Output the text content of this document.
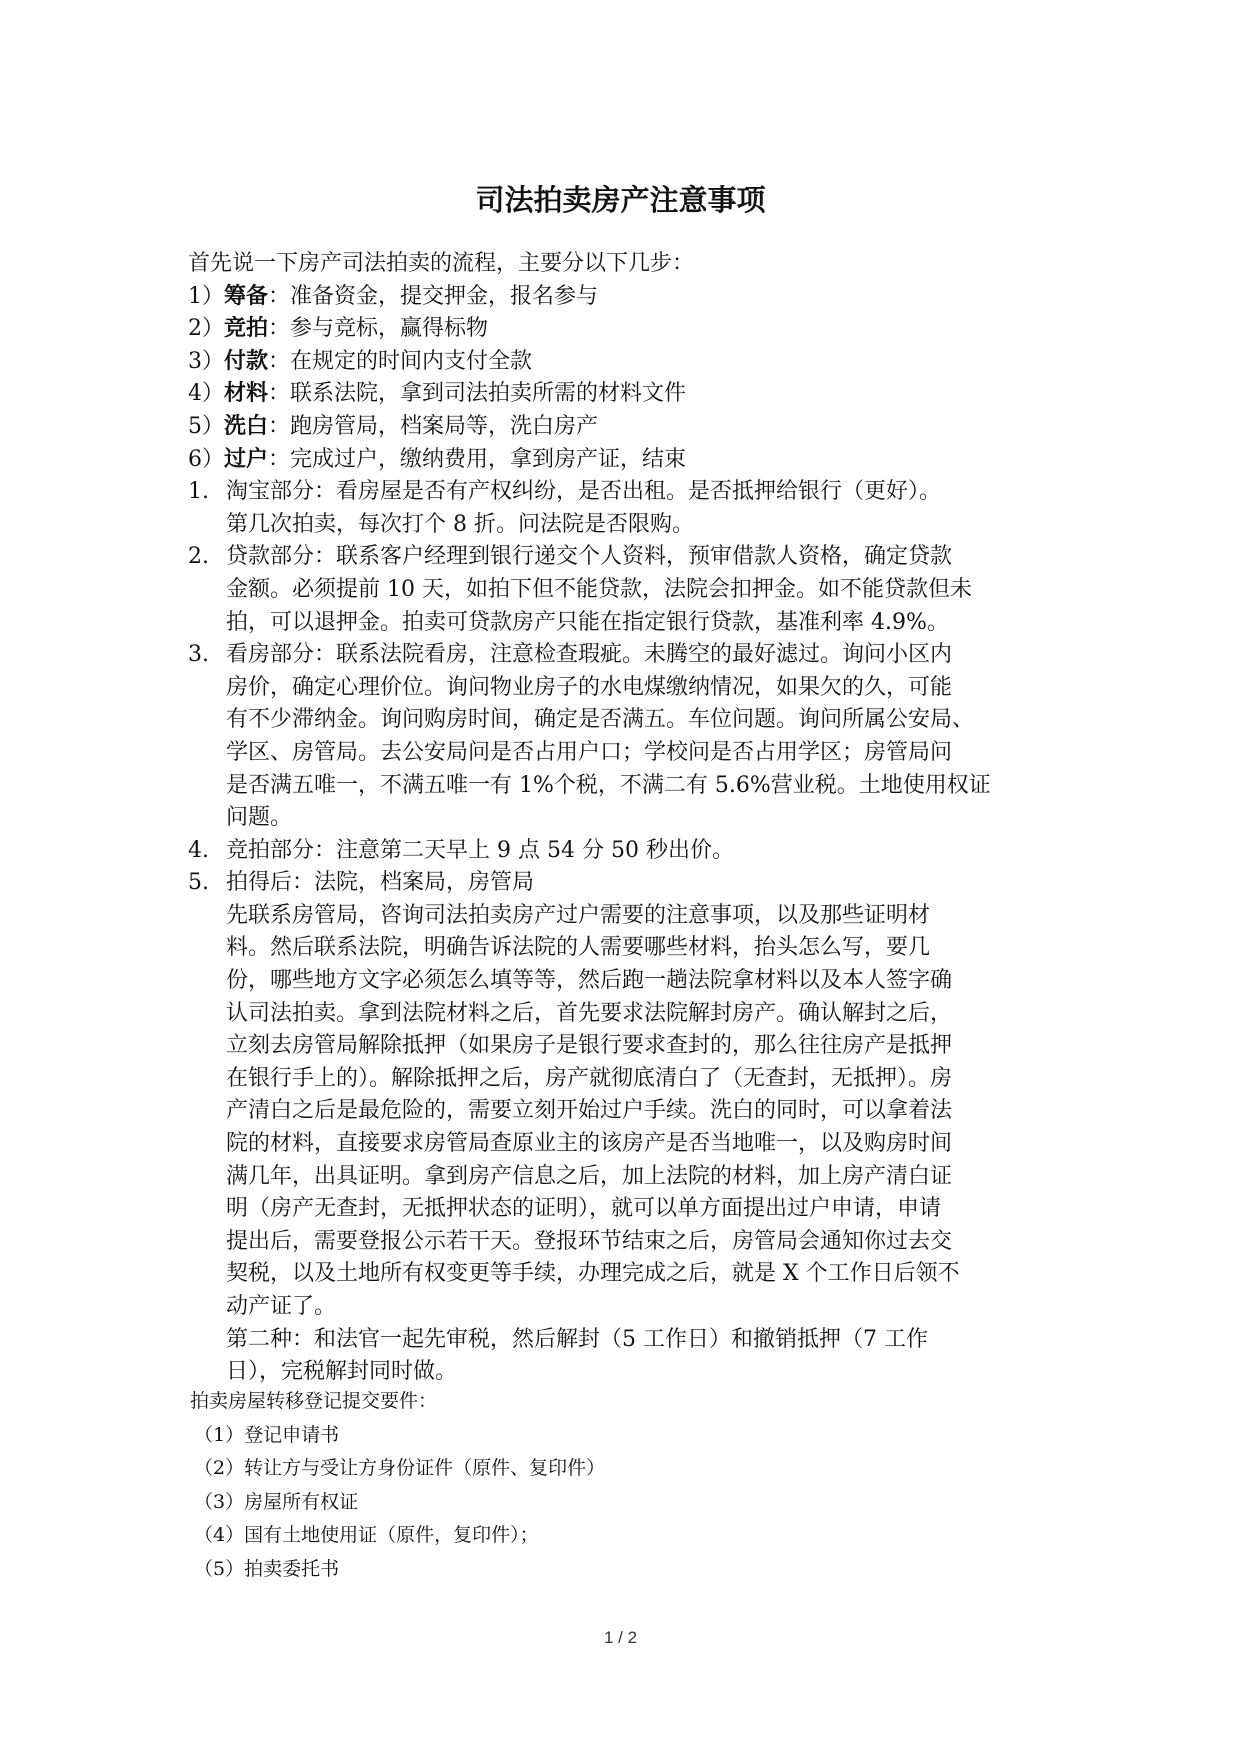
司法拍卖房产注意事项
首先说一下房产司法拍卖的流程，主要分以下几步：
1）筹备：准备资金，提交押金，报名参与
2）竞拍：参与竞标，赢得标物
3）付款：在规定的时间内支付全款
4）材料：联系法院，拿到司法拍卖所需的材料文件
5）洗白：跑房管局，档案局等，洗白房产
6）过户：完成过户，缴纳费用，拿到房产证，结束
1. 淘宝部分：看房屋是否有产权纠纷，是否出租。是否抵押给银行（更好）。
第几次拍卖，每次打个 8 折。问法院是否限购。
2. 贷款部分：联系客户经理到银行递交个人资料，预审借款人资格，确定贷款
金额。必须提前 10 天，如拍下但不能贷款，法院会扣押金。如不能贷款但未
拍，可以退押金。拍卖可贷款房产只能在指定银行贷款，基准利率 4.9%。
3. 看房部分：联系法院看房，注意检查瑕疵。未腾空的最好滤过。询问小区内
房价，确定心理价位。询问物业房子的水电煤缴纳情况，如果欠的久，可能
有不少滞纳金。询问购房时间，确定是否满五。车位问题。询问所属公安局、
学区、房管局。去公安局问是否占用户口；学校问是否占用学区；房管局问
是否满五唯一，不满五唯一有 1%个税，不满二有 5.6%营业税。土地使用权证
问题。
4. 竞拍部分：注意第二天早上 9 点 54 分 50 秒出价。
5. 拍得后：法院，档案局，房管局
先联系房管局，咨询司法拍卖房产过户需要的注意事项，以及那些证明材
料。然后联系法院，明确告诉法院的人需要哪些材料，抬头怎么写，要几
份，哪些地方文字必须怎么填等等，然后跑一趟法院拿材料以及本人签字确
认司法拍卖。拿到法院材料之后，首先要求法院解封房产。确认解封之后，
立刻去房管局解除抵押（如果房子是银行要求查封的，那么往往房产是抵押
在银行手上的）。解除抵押之后，房产就彻底清白了（无查封，无抵押）。房
产清白之后是最危险的，需要立刻开始过户手续。洗白的同时，可以拿着法
院的材料，直接要求房管局查原业主的该房产是否当地唯一，以及购房时间
满几年，出具证明。拿到房产信息之后，加上法院的材料，加上房产清白证
明（房产无查封，无抵押状态的证明），就可以单方面提出过户申请，申请
提出后，需要登报公示若干天。登报环节结束之后，房管局会通知你过去交
契税，以及土地所有权变更等手续，办理完成之后，就是 X 个工作日后领不
动产证了。
第二种：和法官一起先审税，然后解封（5 工作日）和撤销抵押（7 工作
日），完税解封同时做。
拍卖房屋转移登记提交要件：
（1）登记申请书
（2）转让方与受让方身份证件（原件、复印件）
（3）房屋所有权证
（4）国有土地使用证（原件，复印件）；
（5）拍卖委托书
1 / 2
